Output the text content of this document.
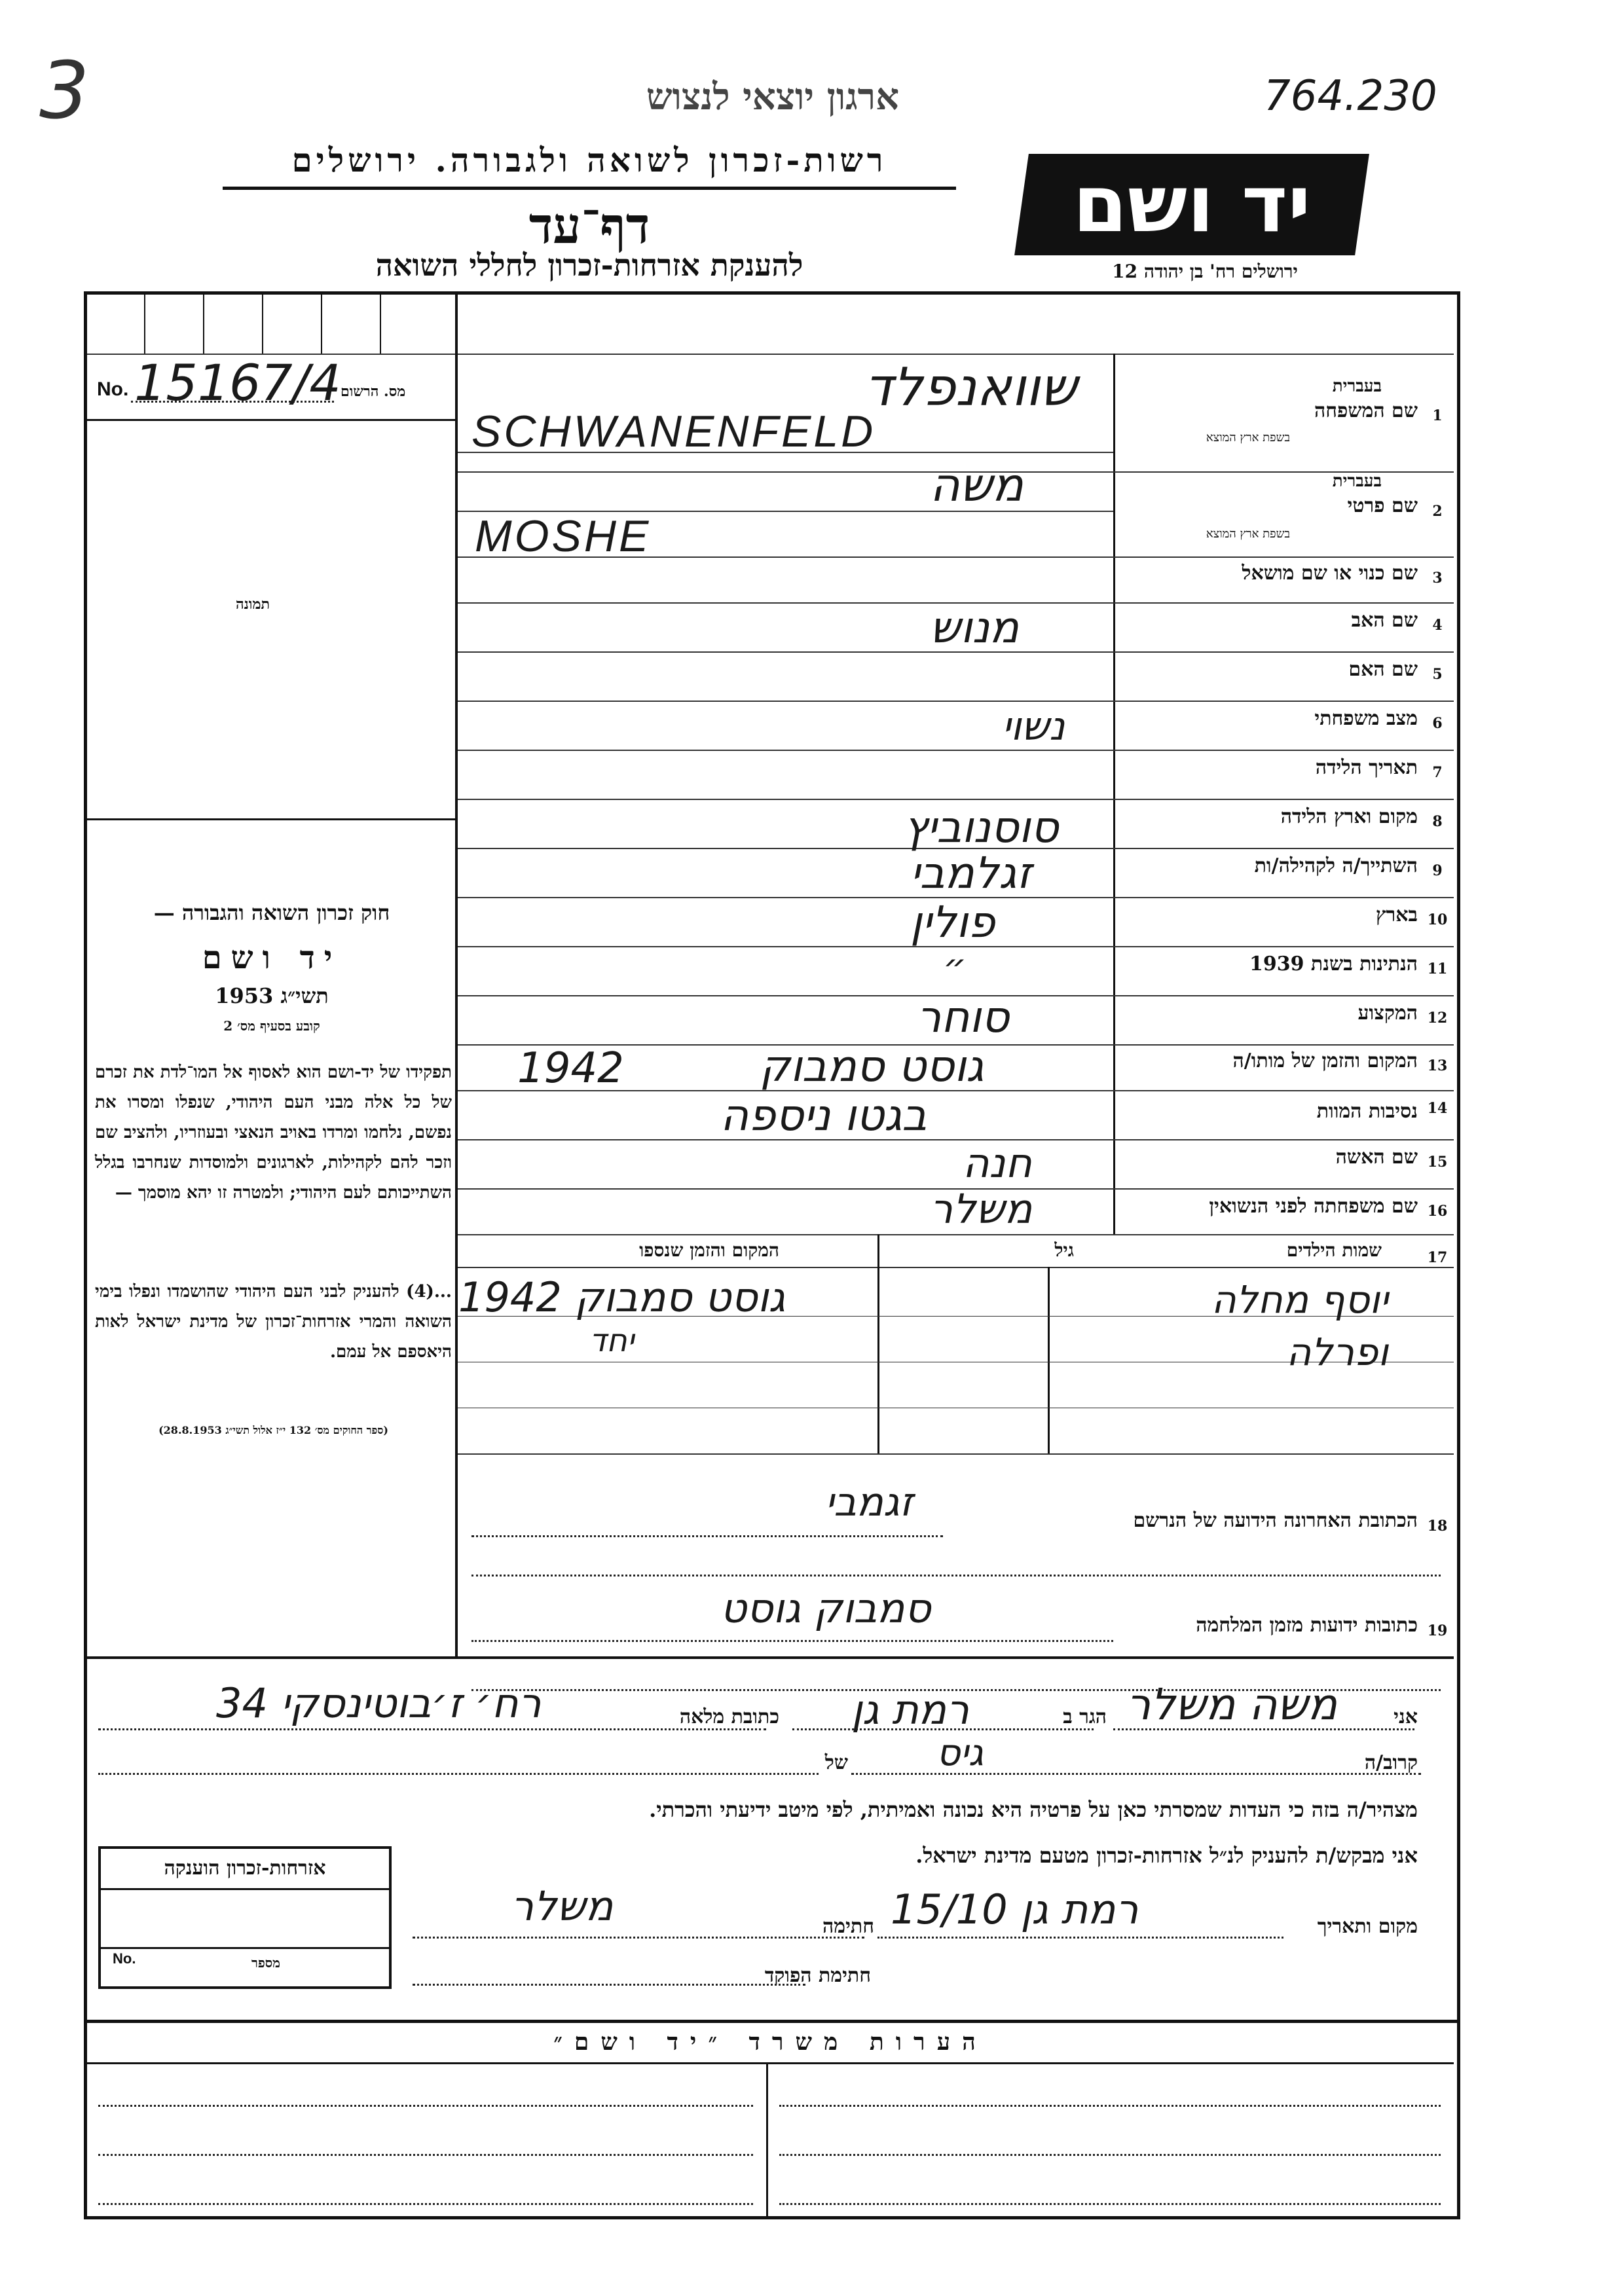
3	764.230
ארגון יוצאי לנצוש
רשות-זכרון לשואה ולגבורה. ירושלים
דף־עד
להענקת אזרחות-זכרון לחללי השואה
יד ושם
ירושלים רח' בן יהודה 12
מס. הרשום
No. 15167/4
תמונה
חוק זכרון השואה והגבורה —
יד ושם
תשי״ג 1953
קובע בסעיף מס׳ 2
תפקידו של יד-ושם הוא לאסוף אל המו־לדת את זכרם של כל אלה מבני העם היהודי, שנפלו ומסרו את נפשם, נלחמו ומרדו באויב הנאצי ובעוזריו, ולהציב שם וזכר להם לקהילות, לארגונים ולמוסדות שנחרבו בגלל השתייכותם לעם היהודי; ולמטרה זו יהא מוסמך —
...(4) להעניק לבני העם היהודי שהושמדו ונפלו בימי השואה והמרי אזרחות־זכרון של מדינת ישראל לאות היאספם אל עמם.
(ספר החוקים מס׳ 132 י״ז אלול תשי״ג 28.8.1953)
1
שם המשפחה
בעברית
בשפת ארץ המוצא
שוואנפלד
SCHWANENFELD
2
שם פרטי
בעברית
בשפת ארץ המוצא
משה
MOSHE
3
שם כנוי או שם מושאל
4
שם האב
מנוש
5
שם האם
6
מצב משפחתי
נשוי
7
תאריך הלידה
8
מקום וארץ הלידה
סוסנוביץ
9
השתייך/ה לקהילה/ות
זגלמבי
10
בארץ
פולין
11
הנתינות בשנת 1939
״
12
המקצוע
סוחר
13
המקום והזמן של מותו/ה
גוסט סמבוק
1942
14
נסיבות המוות
בגטו ניספה
15
שם האשה
חנה
16
שם משפחתה לפני הנשואין
משלר
17
שמות הילדים
גיל
המקום והזמן שנספו
יוסף מחלה ופרלה
גוסט סמבוק 1942
יחד
18
הכתובת האחרונה הידועה של הנרשם
זגמבי
19
כתובות ידועות מזמן המלחמה
סמבוק גוסט
אני
משה משלר
הגר ב
רמת גן
כתובת מלאה
רח׳ ז׳בוטינסקי 34
קרוב/ה
גיס
של
מצהיר/ה בזה כי העדות שמסרתי כאן על פרטיה היא נכונה ואמיתית, לפי מיטב ידיעתי והכרתי.
אני מבקש/ת להעניק לנ״ל אזרחות-זכרון מטעם מדינת ישראל.
מקום ותאריך
רמת גן 15/10
חתימה
משלר
חתימת הפוקד
אזרחות-זכרון הוענקה
מספר
No.
הערות משרד ״יד ושם״
